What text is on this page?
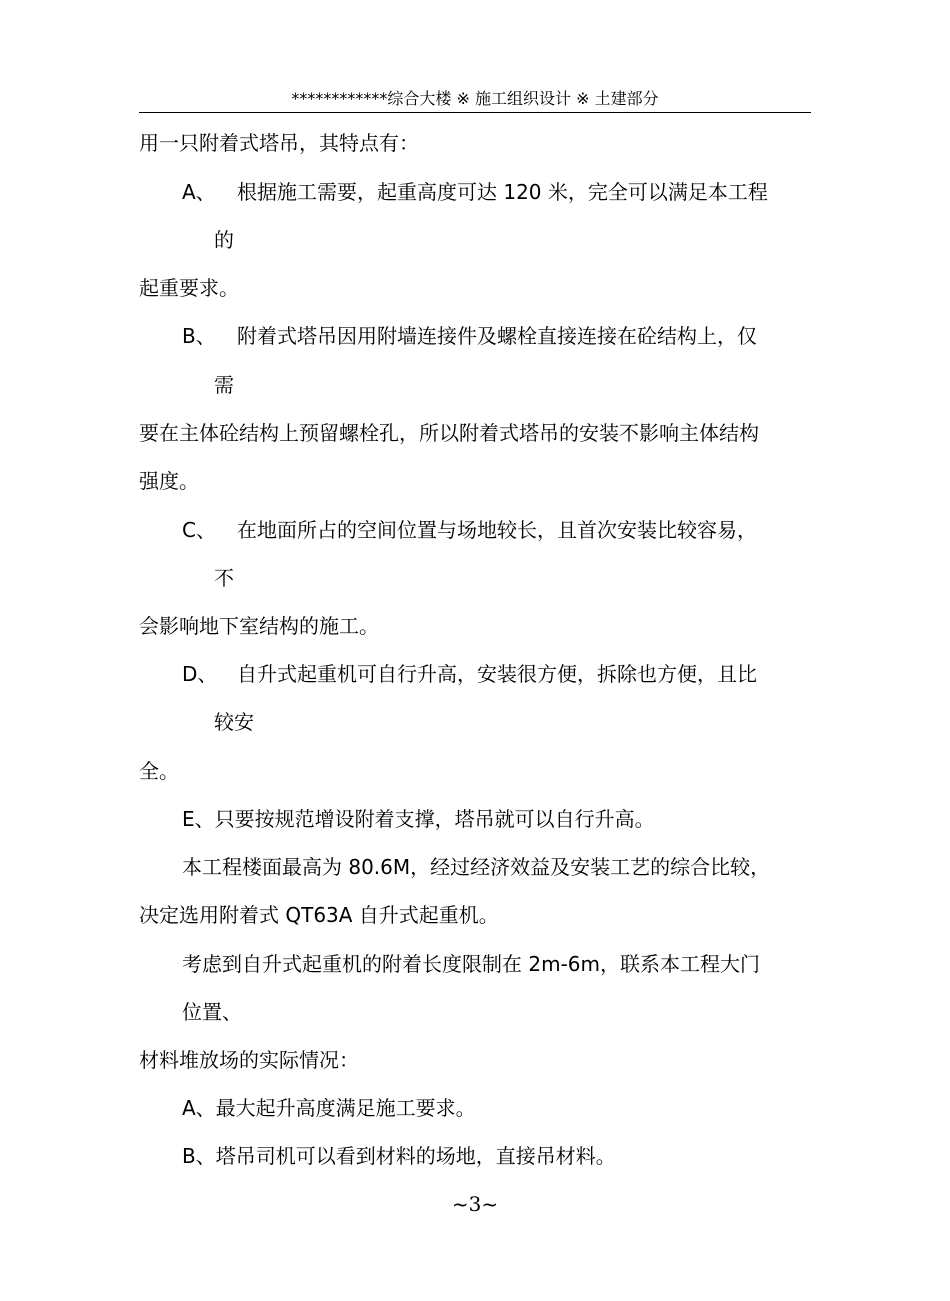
************综合大楼 ※ 施工组织设计 ※ 土建部分
用一只附着式塔吊，其特点有：
A、 根据施工需要，起重高度可达 120 米，完全可以满足本工程
的
起重要求。
B、 附着式塔吊因用附墙连接件及螺栓直接连接在砼结构上，仅
需
要在主体砼结构上预留螺栓孔，所以附着式塔吊的安装不影响主体结构
强度。
C、 在地面所占的空间位置与场地较长，且首次安装比较容易，
不
会影响地下室结构的施工。
D、 自升式起重机可自行升高，安装很方便，拆除也方便，且比
较安
全。
E、只要按规范增设附着支撑，塔吊就可以自行升高。
本工程楼面最高为 80.6M，经过经济效益及安装工艺的综合比较，
决定选用附着式 QT63A 自升式起重机。
考虑到自升式起重机的附着长度限制在 2m-6m，联系本工程大门
位置、
材料堆放场的实际情况：
A、最大起升高度满足施工要求。
B、塔吊司机可以看到材料的场地，直接吊材料。
~3~
